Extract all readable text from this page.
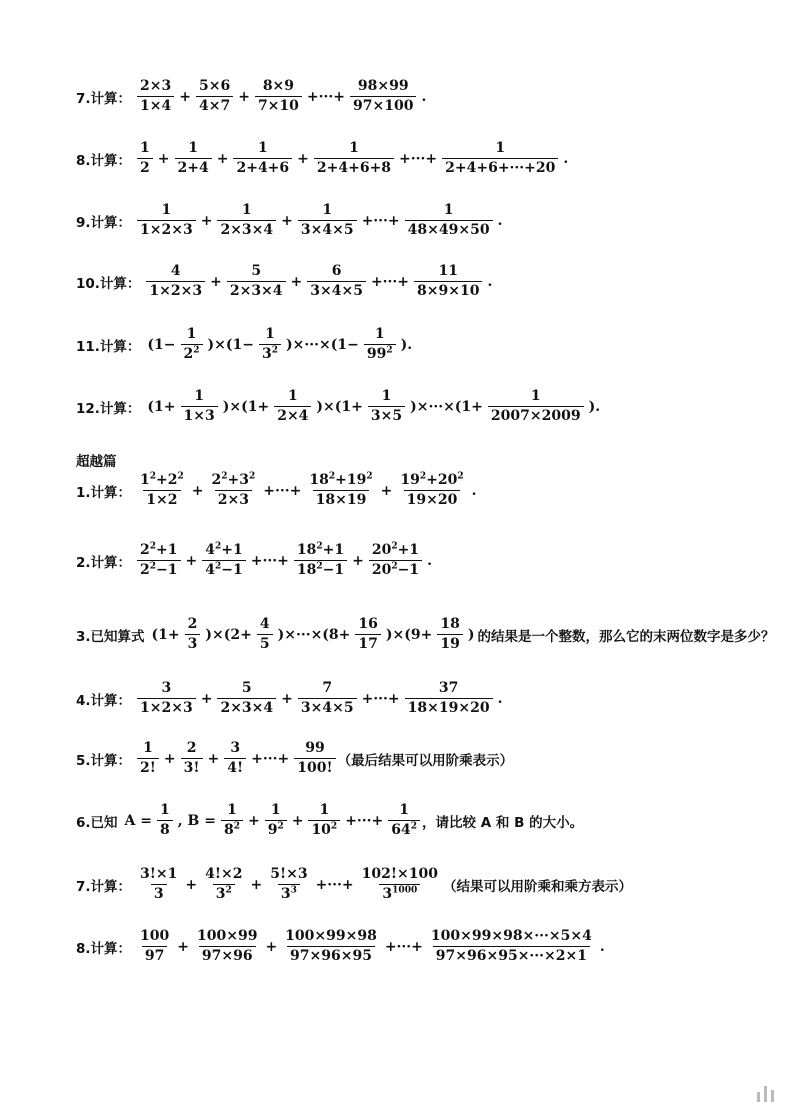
7.计算： $\frac{2\times 3}{1\times 4} + \frac{5\times 6}{4\times 7} + \frac{8\times 9}{7\times 10}$ +···+ $\frac{98\times 99}{97\times 100}$ .
8.计算： $\frac{1}{2} + \frac{1}{2+4} + \frac{1}{2+4+6} + \frac{1}{2+4+6+8}$ +···+ $\frac{1}{2+4+6+\cdot\cdot\cdot+20}$ .
9.计算： $\frac{1}{1\times 2\times 3} + \frac{1}{2\times 3\times 4} + \frac{1}{3\times 4\times 5}$ +···+ $\frac{1}{48\times 49\times 50}$ .
10.计算： $\frac{4}{1\times 2\times 3} + \frac{5}{2\times 3\times 4} + \frac{6}{3\times 4\times 5}$ +···+ $\frac{11}{8\times 9\times 10}$ .
11.计算： $(1- \frac{1}{2^2} )\times(1- \frac{1}{3^2} )\times\cdot\cdot\cdot\times(1- \frac{1}{99^2}$ ).
12.计算： $(1+ \frac{1}{1\times 3} )\times(1+ \frac{1}{2\times 4} )\times(1+ \frac{1}{3\times 5} )\times\cdot\cdot\cdot\times(1+ \frac{1}{2007\times 2009}$ ).
超越篇
1.计算： $\frac{1^2+2^2}{1\times 2} + \frac{2^2+3^2}{2\times 3}$ +···+ $\frac{18^2+19^2}{18\times 19} + \frac{19^2+20^2}{19\times 20}$ .
2.计算： $\frac{2^2+1}{2^2-1} + \frac{4^2+1}{4^2-1}$ +···+ $\frac{18^2+1}{18^2-1} + \frac{20^2+1}{20^2-1}$ .
3.已知算式 $(1+ \frac{2}{3} )\times(2+ \frac{4}{5} )\times\cdot\cdot\cdot\times(8+ \frac{16}{17} )\times(9+ \frac{18}{19}$ ) 的结果是一个整数，那么它的末两位数字是多少？
4.计算： $\frac{3}{1\times 2\times 3} + \frac{5}{2\times 3\times 4} + \frac{7}{3\times 4\times 5}$ +···+ $\frac{37}{18\times 19\times 20}$ .
5.计算： $\frac{1}{2!} + \frac{2}{3!} + \frac{3}{4!}$ +···+ $\frac{99}{100!}$ （最后结果可以用阶乘表示）
6.已知 $A = \frac{1}{8}$ , $B = \frac{1}{8^2} + \frac{1}{9^2} + \frac{1}{10^2}$ +···+ $\frac{1}{64^2}$ ，请比较 A 和 B 的大小。
7.计算： $\frac{3!\times 1}{3} + \frac{4!\times 2}{3^2} + \frac{5!\times 3}{3^3}$ +···+ $\frac{102!\times 100}{3^{1000}}$ （结果可以用阶乘和乘方表示）
8.计算： $\frac{100}{97} + \frac{100\times 99}{97\times 96} + \frac{100\times 99\times 98}{97\times 96\times 95}$ +···+ $\frac{100\times 99\times 98\times\cdot\cdot\cdot\times 5\times 4}{97\times 96\times 95\times\cdot\cdot\cdot\times 2\times 1}$ .
